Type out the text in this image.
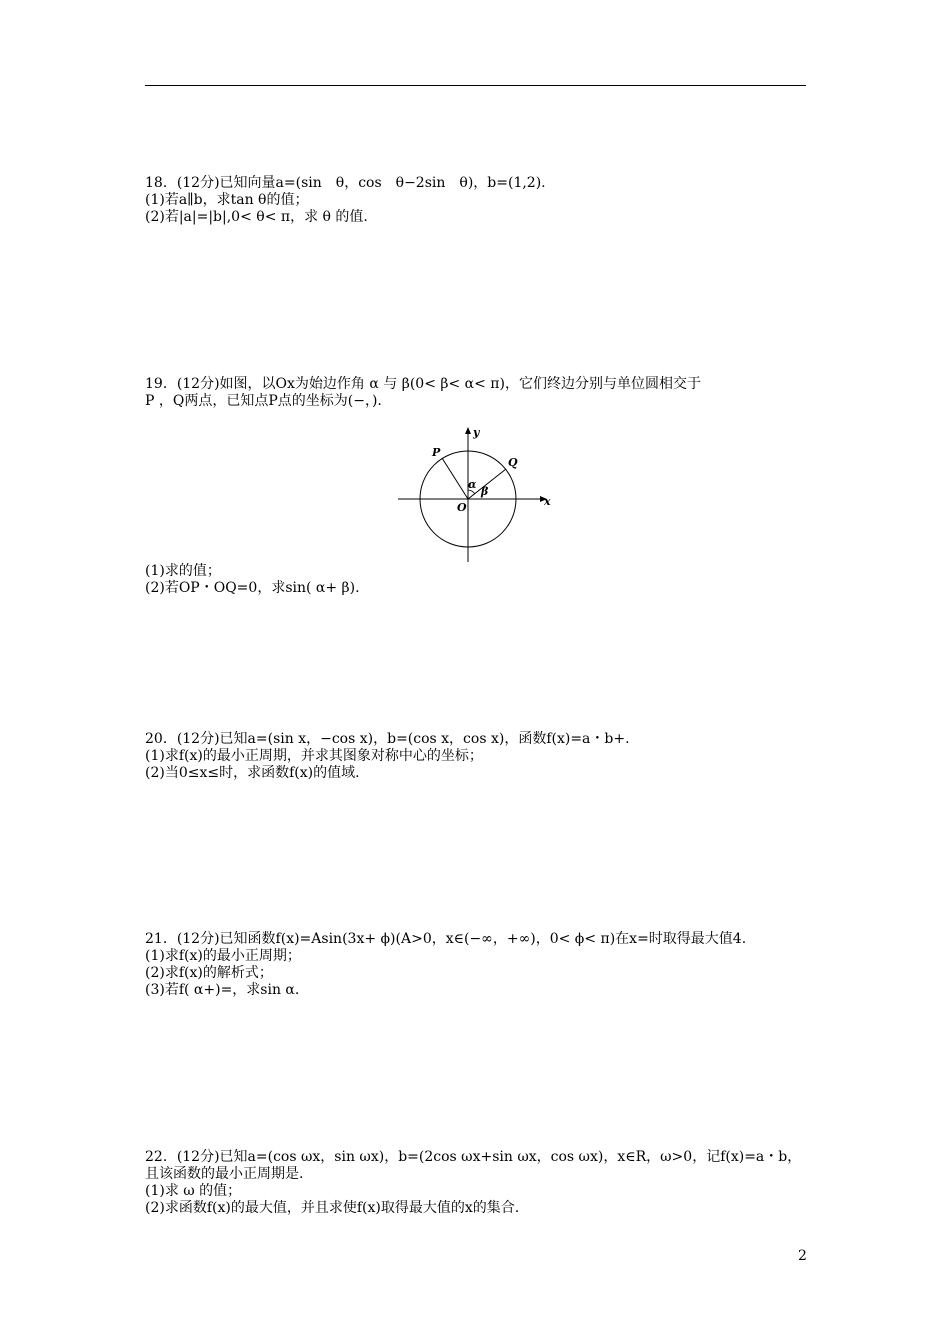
18．(12分)已知向量a=(sin　θ，cos　θ−2sin　θ)，b=(1,2).
(1)若a∥b，求tan θ的值；
(2)若|a|=|b|,0< θ< π，求 θ 的值.
19．(12分)如图，以Ox为始边作角 α 与 β(0< β< α< π)，它们终边分别与单位圆相交于
P ，Q两点，已知点P点的坐标为(−，).
y
x
O
P
Q
α
β
(1)求的值；
(2)若OP・OQ=0，求sin( α+ β).
20．(12分)已知a=(sin x，−cos x)，b=(cos x，cos x)，函数f(x)=a・b+.
(1)求f(x)的最小正周期，并求其图象对称中心的坐标；
(2)当0≤x≤时，求函数f(x)的值域.
21．(12分)已知函数f(x)=Asin(3x+ ϕ)(A>0，x∈(−∞，+∞)，0< ϕ< π)在x=时取得最大值4.
(1)求f(x)的最小正周期；
(2)求f(x)的解析式；
(3)若f( α+)=，求sin α.
22．(12分)已知a=(cos ωx，sin ωx)，b=(2cos ωx+sin ωx，cos ωx)，x∈R，ω>0，记f(x)=a・b，且该函数的最小正周期是.
(1)求 ω 的值；
(2)求函数f(x)的最大值，并且求使f(x)取得最大值的x的集合.
2
